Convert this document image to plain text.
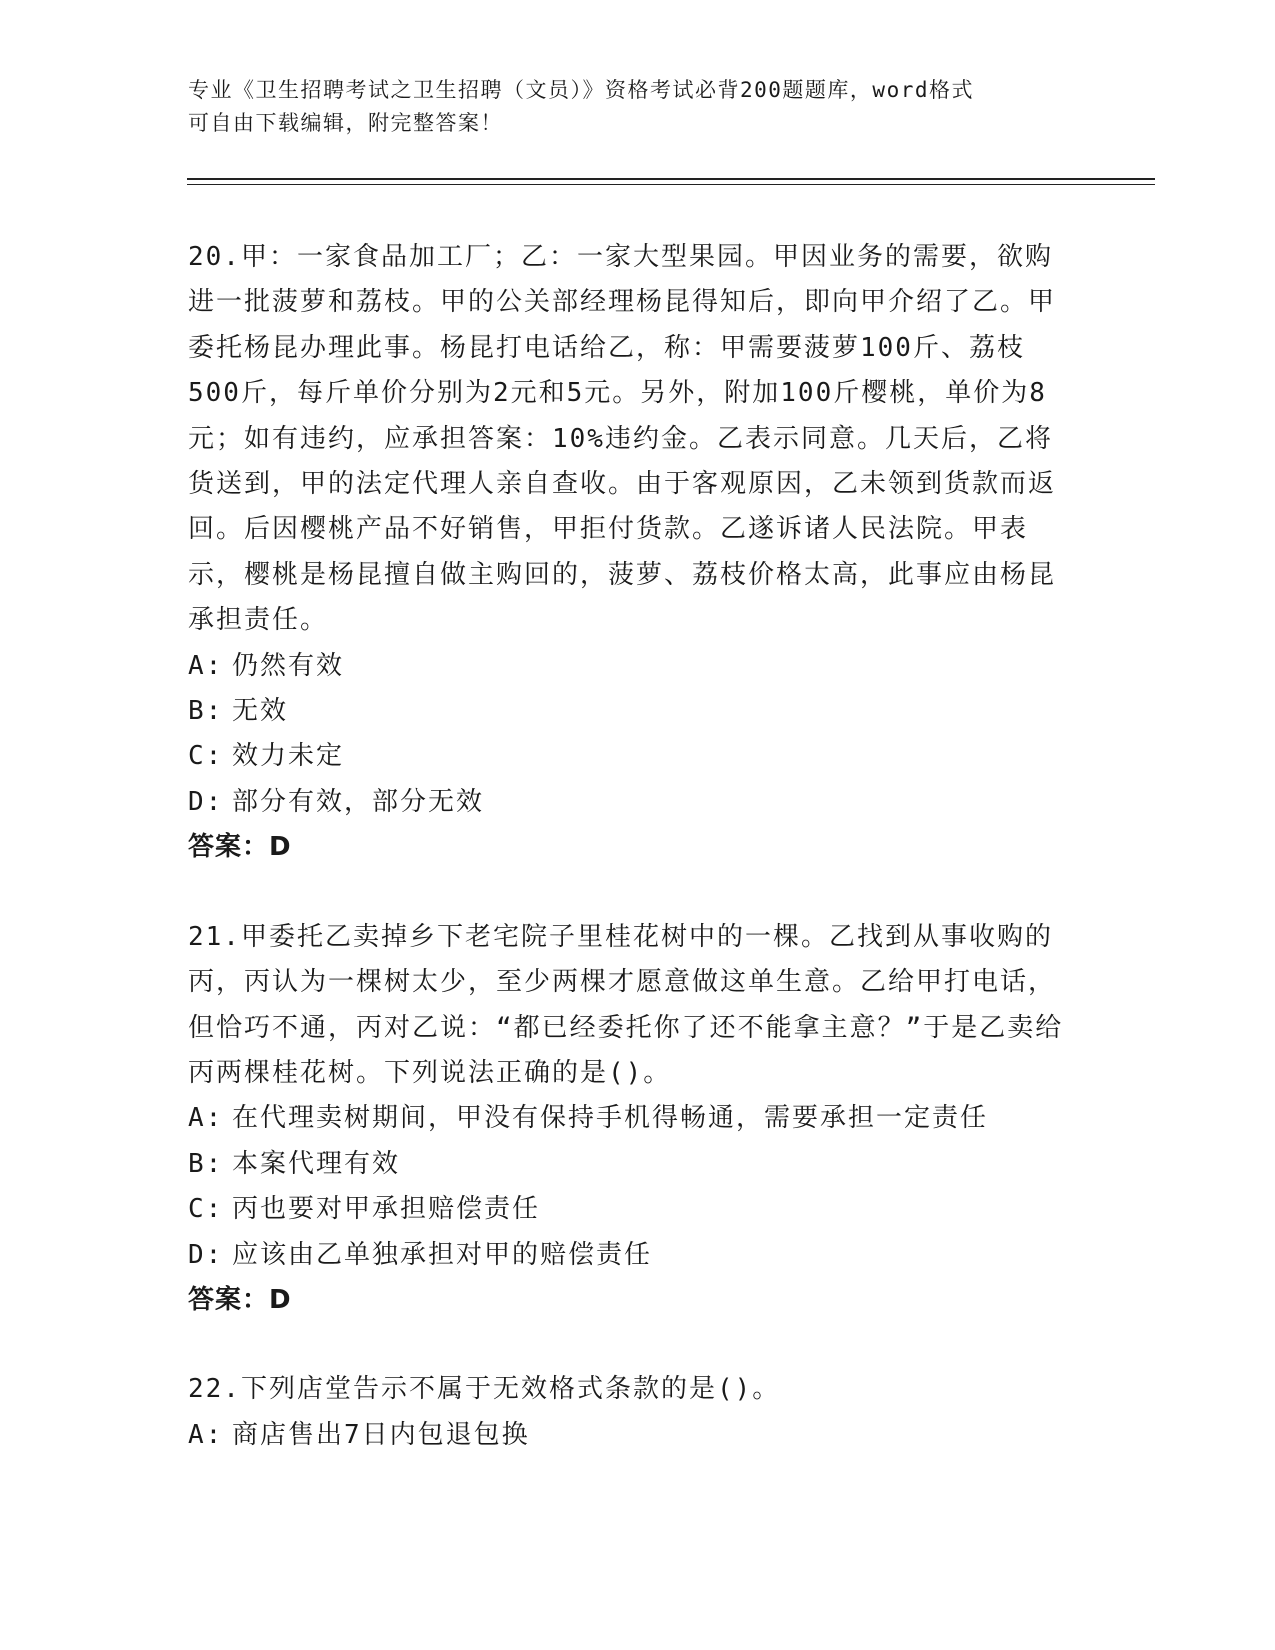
专业《卫生招聘考试之卫生招聘（文员）》资格考试必背200题题库，word格式
可自由下载编辑，附完整答案！

20.甲：一家食品加工厂；乙：一家大型果园。甲因业务的需要，欲购进一批菠萝和荔枝。甲的公关部经理杨昆得知后，即向甲介绍了乙。甲委托杨昆办理此事。杨昆打电话给乙，称：甲需要菠萝100斤、荔枝500斤，每斤单价分别为2元和5元。另外，附加100斤樱桃，单价为8元；如有违约，应承担答案：10%违约金。乙表示同意。几天后，乙将货送到，甲的法定代理人亲自查收。由于客观原因，乙未领到货款而返回。后因樱桃产品不好销售，甲拒付货款。乙遂诉诸人民法院。甲表示，樱桃是杨昆擅自做主购回的，菠萝、荔枝价格太高，此事应由杨昆承担责任。

A: 仍然有效

B: 无效

C: 效力未定

D: 部分有效，部分无效

答案：D

21.甲委托乙卖掉乡下老宅院子里桂花树中的一棵。乙找到从事收购的丙，丙认为一棵树太少，至少两棵才愿意做这单生意。乙给甲打电话，但恰巧不通，丙对乙说：“都已经委托你了还不能拿主意？”于是乙卖给丙两棵桂花树。下列说法正确的是()。

A: 在代理卖树期间，甲没有保持手机得畅通，需要承担一定责任

B: 本案代理有效

C: 丙也要对甲承担赔偿责任

D: 应该由乙单独承担对甲的赔偿责任

答案：D

22.下列店堂告示不属于无效格式条款的是()。

A: 商店售出7日内包退包换
